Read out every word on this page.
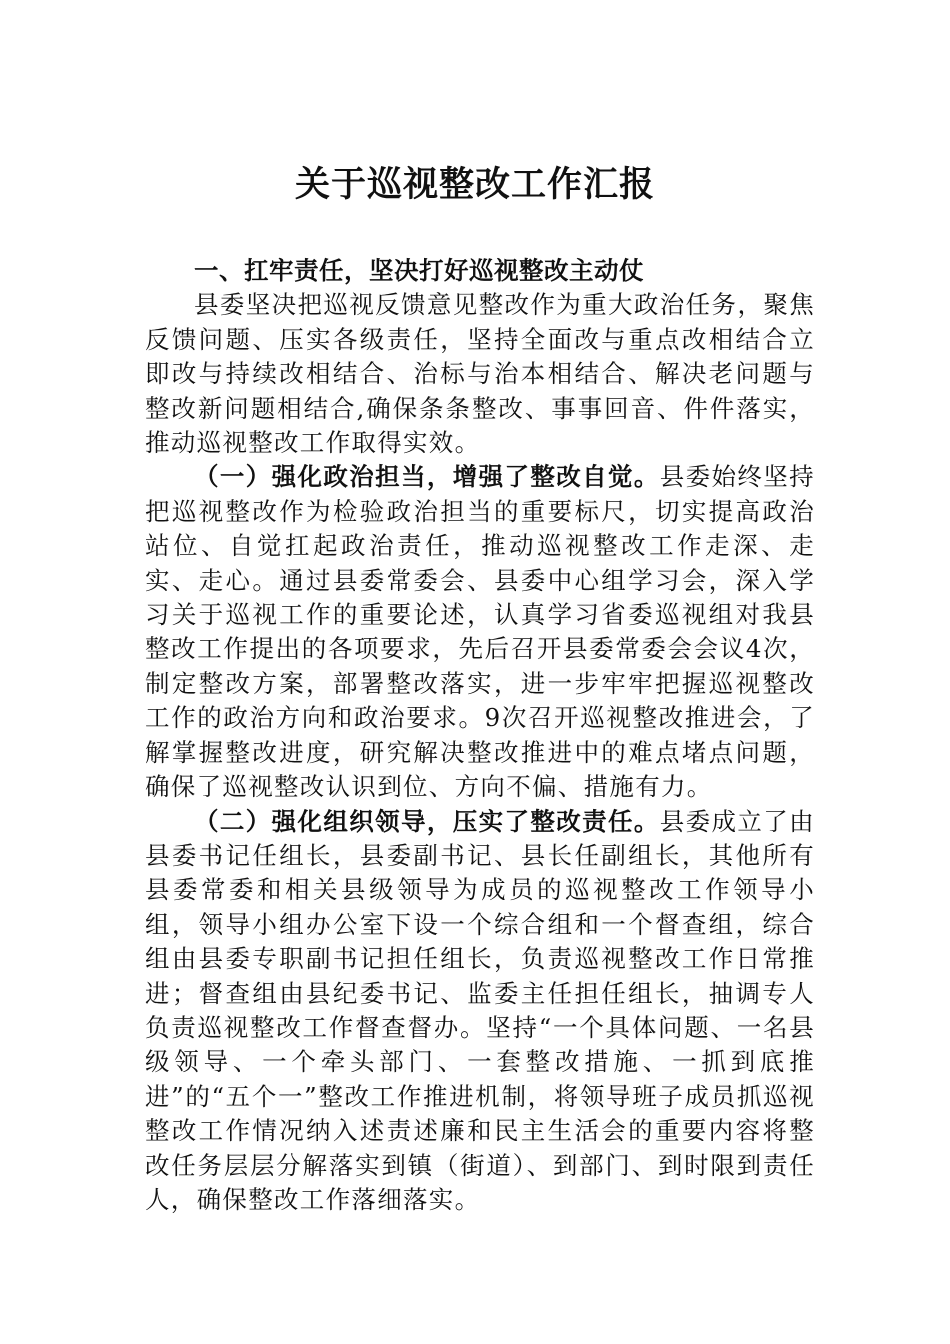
关于巡视整改工作汇报

一、扛牢责任，坚决打好巡视整改主动仗

县委坚决把巡视反馈意见整改作为重大政治任务，聚焦反馈问题、压实各级责任，坚持全面改与重点改相结合立即改与持续改相结合、治标与治本相结合、解决老问题与整改新问题相结合,确保条条整改、事事回音、件件落实，推动巡视整改工作取得实效。

（一）强化政治担当，增强了整改自觉。县委始终坚持把巡视整改作为检验政治担当的重要标尺，切实提高政治站位、自觉扛起政治责任，推动巡视整改工作走深、走实、走心。通过县委常委会、县委中心组学习会，深入学习关于巡视工作的重要论述，认真学习省委巡视组对我县整改工作提出的各项要求，先后召开县委常委会会议4次，制定整改方案，部署整改落实，进一步牢牢把握巡视整改工作的政治方向和政治要求。9次召开巡视整改推进会，了解掌握整改进度，研究解决整改推进中的难点堵点问题，确保了巡视整改认识到位、方向不偏、措施有力。

（二）强化组织领导，压实了整改责任。县委成立了由县委书记任组长，县委副书记、县长任副组长，其他所有县委常委和相关县级领导为成员的巡视整改工作领导小组，领导小组办公室下设一个综合组和一个督查组，综合组由县委专职副书记担任组长，负责巡视整改工作日常推进；督查组由县纪委书记、监委主任担任组长，抽调专人负责巡视整改工作督查督办。坚持“一个具体问题、一名县级领导、一个牵头部门、一套整改措施、一抓到底推进”的“五个一”整改工作推进机制，将领导班子成员抓巡视整改工作情况纳入述责述廉和民主生活会的重要内容将整改任务层层分解落实到镇（街道）、到部门、到时限到责任人，确保整改工作落细落实。
